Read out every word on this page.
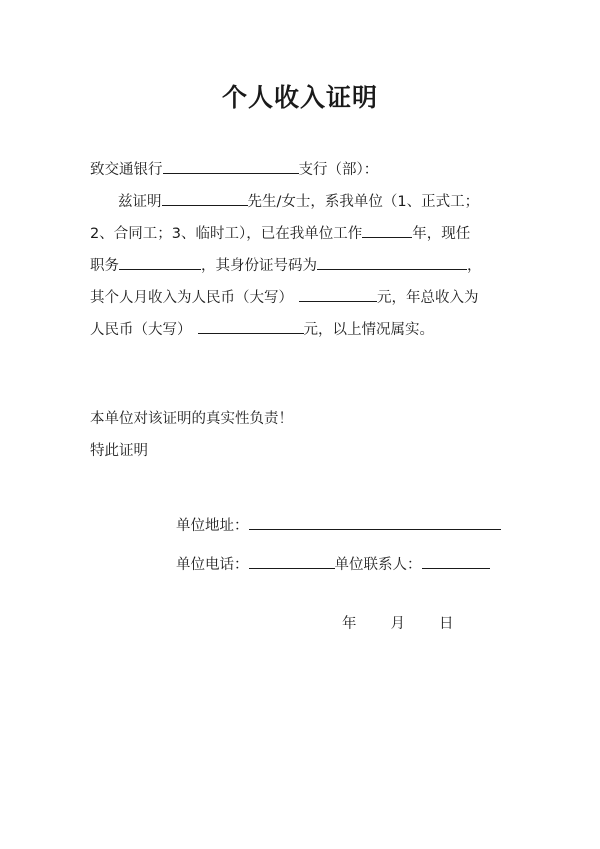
个人收入证明
致交通银行	支行（部）：
兹证明	先生/女士，系我单位（1、正式工；
2、合同工；3、临时工），已在我单位工作	年，现任
职务	，其身份证号码为	，
其个人月收入为人民币（大写）	元，年总收入为
人民币（大写）	元，以上情况属实。
本单位对该证明的真实性负责！
特此证明
单位地址：
单位电话：	单位联系人：
年 月 日
